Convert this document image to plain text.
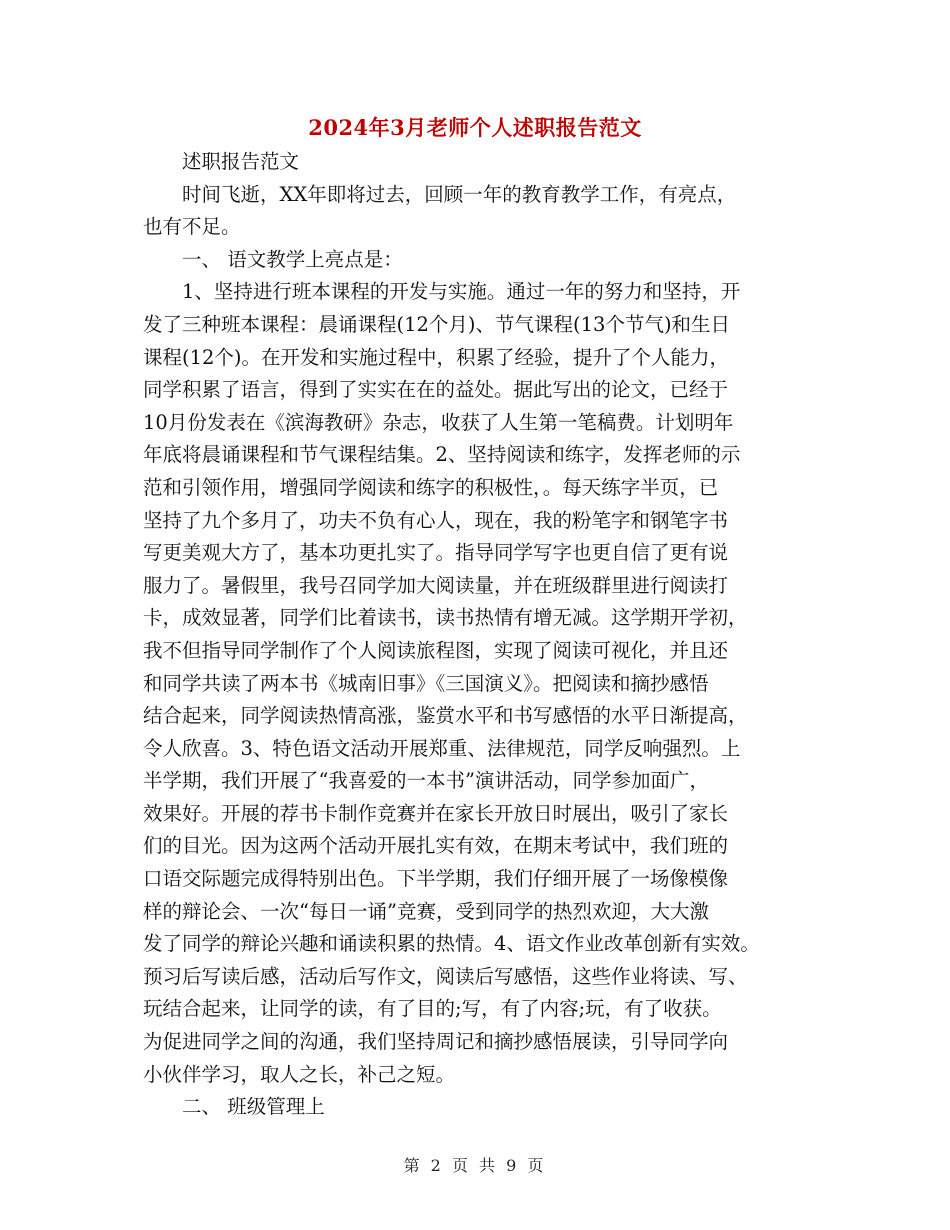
2024年3月老师个人述职报告范文

述职报告范文

时间飞逝，XX年即将过去，回顾一年的教育教学工作，有亮点，
也有不足。

一、 语文教学上亮点是：

1、坚持进行班本课程的开发与实施。通过一年的努力和坚持，开
发了三种班本课程：晨诵课程(12个月)、节气课程(13个节气)和生日
课程(12个)。在开发和实施过程中，积累了经验，提升了个人能力，
同学积累了语言，得到了实实在在的益处。据此写出的论文，已经于
10月份发表在《滨海教研》杂志，收获了人生第一笔稿费。计划明年
年底将晨诵课程和节气课程结集。2、坚持阅读和练字，发挥老师的示
范和引领作用，增强同学阅读和练字的积极性，。每天练字半页，已
坚持了九个多月了，功夫不负有心人，现在，我的粉笔字和钢笔字书
写更美观大方了，基本功更扎实了。指导同学写字也更自信了更有说
服力了。暑假里，我号召同学加大阅读量，并在班级群里进行阅读打
卡，成效显著，同学们比着读书，读书热情有增无减。这学期开学初，
我不但指导同学制作了个人阅读旅程图，实现了阅读可视化，并且还
和同学共读了两本书《城南旧事》《三国演义》。把阅读和摘抄感悟
结合起来，同学阅读热情高涨，鉴赏水平和书写感悟的水平日渐提高，
令人欣喜。3、特色语文活动开展郑重、法律规范，同学反响强烈。上
半学期，我们开展了“我喜爱的一本书”演讲活动，同学参加面广，
效果好。开展的荐书卡制作竞赛并在家长开放日时展出，吸引了家长
们的目光。因为这两个活动开展扎实有效，在期末考试中，我们班的
口语交际题完成得特别出色。下半学期，我们仔细开展了一场像模像
样的辩论会、一次“每日一诵”竞赛，受到同学的热烈欢迎，大大激
发了同学的辩论兴趣和诵读积累的热情。4、语文作业改革创新有实效。
预习后写读后感，活动后写作文，阅读后写感悟，这些作业将读、写、
玩结合起来，让同学的读，有了目的;写，有了内容;玩，有了收获。
为促进同学之间的沟通，我们坚持周记和摘抄感悟展读，引导同学向
小伙伴学习，取人之长，补己之短。

二、 班级管理上

第 2 页 共 9 页
